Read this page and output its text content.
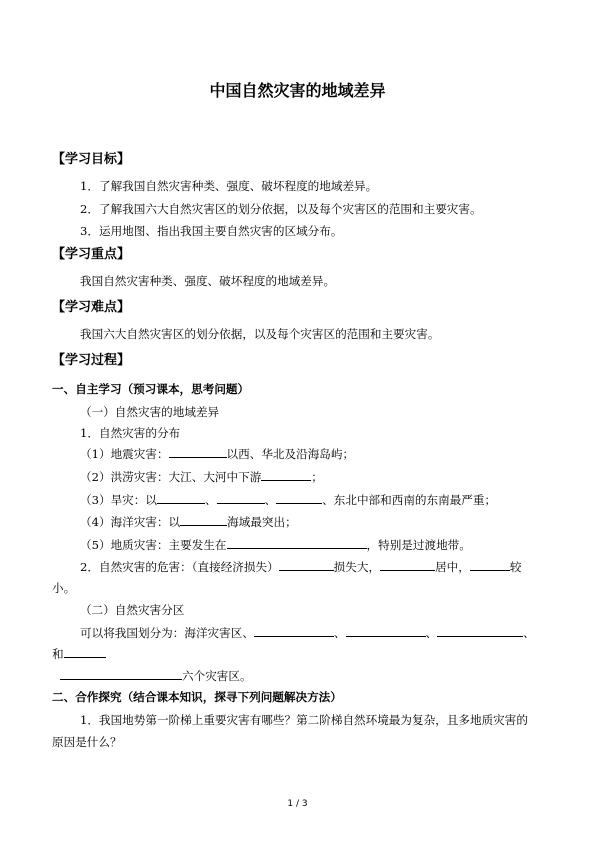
中国自然灾害的地域差异
【学习目标】
1．了解我国自然灾害种类、强度、破坏程度的地域差异。
2．了解我国六大自然灾害区的划分依据，以及每个灾害区的范围和主要灾害。
3．运用地图、指出我国主要自然灾害的区域分布。
【学习重点】
我国自然灾害种类、强度、破坏程度的地域差异。
【学习难点】
我国六大自然灾害区的划分依据，以及每个灾害区的范围和主要灾害。
【学习过程】
一、自主学习（预习课本，思考问题）
（一）自然灾害的地域差异
1．自然灾害的分布
（1）地震灾害：	以西、华北及沿海岛屿；
（2）洪涝灾害：大江、大河中下游	；
（3）旱灾：以	、	、	、东北中部和西南的东南最严重；
（4）海洋灾害：以	海域最突出；
（5）地质灾害：主要发生在	，特别是过渡地带。
2．自然灾害的危害：（直接经济损失）	损失大，	居中，	较
小。
（二）自然灾害分区
可以将我国划分为：海洋灾害区、	、	、	、
和
六个灾害区。
二、合作探究（结合课本知识，探寻下列问题解决方法）
1．我国地势第一阶梯上重要灾害有哪些？第二阶梯自然环境最为复杂，且多地质灾害的
原因是什么？
1 / 3
